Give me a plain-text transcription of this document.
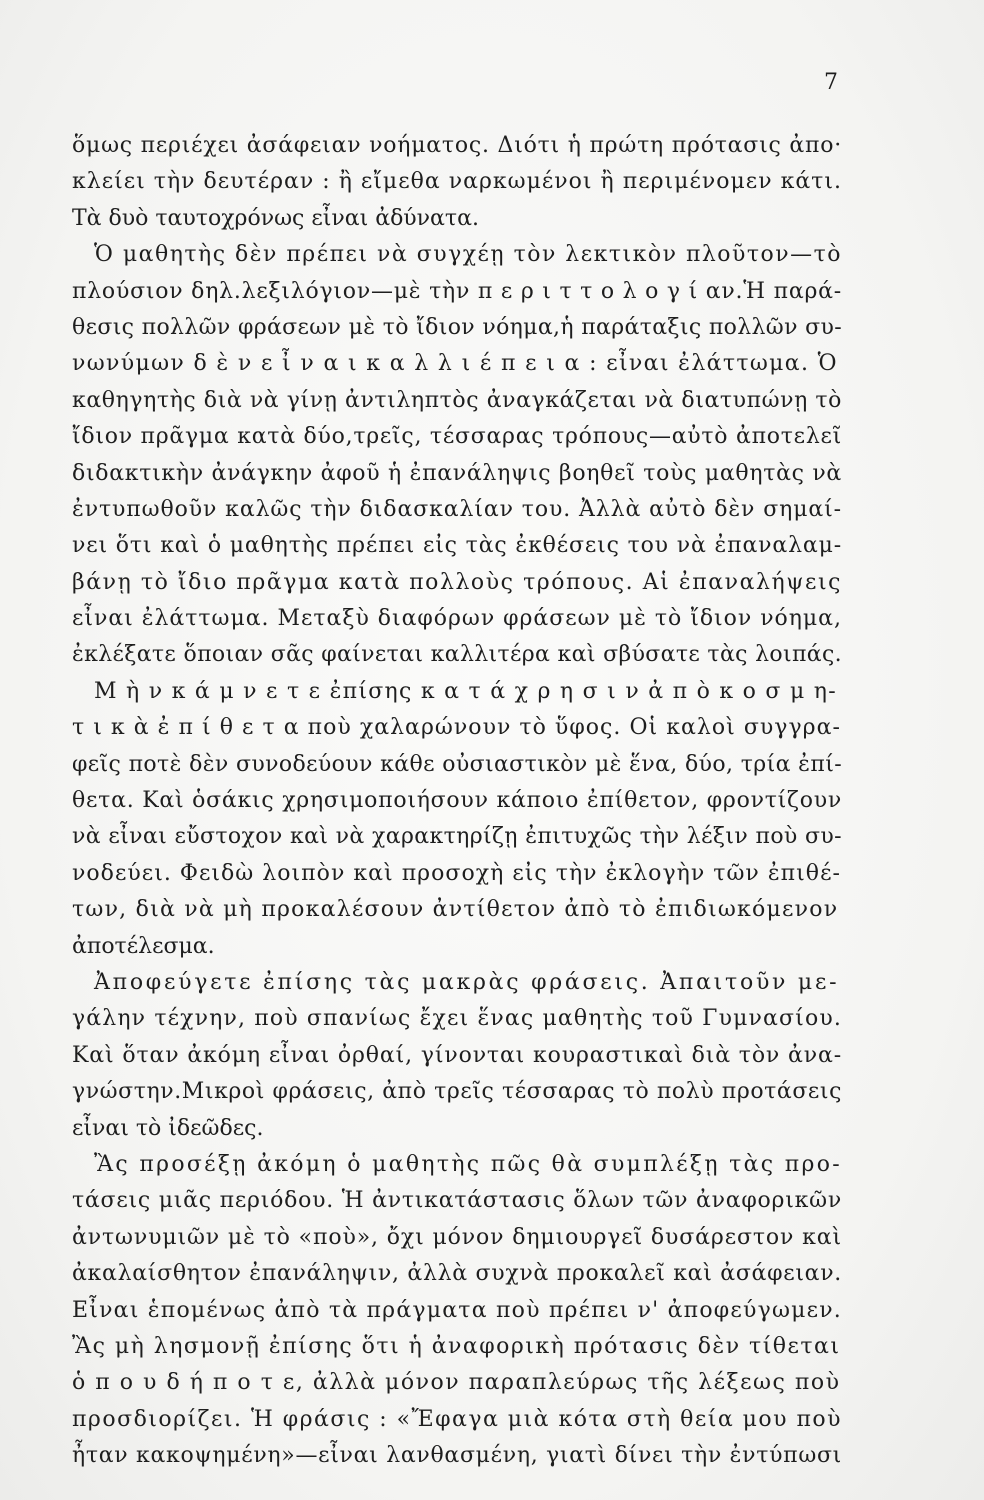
7
ὅμως περιέχει ἀσάφειαν νοήματος. Διότι ἡ πρώτη πρότασις ἀπο·
κλείει τὴν δευτέραν : ἢ εἴμεθα ναρκωμένοι ἢ περιμένομεν κάτι.
Τὰ δυὸ ταυτοχρόνως εἶναι ἀδύνατα.
Ὁ μαθητὴς δὲν πρέπει νὰ συγχέῃ τὸν λεκτικὸν πλοῦτον—τὸ
πλούσιον δηλ.λεξιλόγιον—μὲ τὴν π ε ρ ι τ τ ο λ ο γ ί αν.Ἡ παρά-
θεσις πολλῶν φράσεων μὲ τὸ ἴδιον νόημα,ἡ παράταξις πολλῶν συ-
νωνύμων δ ὲ ν ε ἶ ν α ι κ α λ λ ι έ π ε ι α : εἶναι ἐλάττωμα. Ὁ
καθηγητὴς διὰ νὰ γίνῃ ἀντιληπτὸς ἀναγκάζεται νὰ διατυπώνῃ τὸ
ἴδιον πρᾶγμα κατὰ δύο,τρεῖς, τέσσαρας τρόπους—αὐτὸ ἀποτελεῖ
διδακτικὴν ἀνάγκην ἀφοῦ ἡ ἐπανάληψις βοηθεῖ τοὺς μαθητὰς νὰ
ἐντυπωθοῦν καλῶς τὴν διδασκαλίαν του. Ἀλλὰ αὐτὸ δὲν σημαί-
νει ὅτι καὶ ὁ μαθητὴς πρέπει εἰς τὰς ἐκθέσεις του νὰ ἐπαναλαμ-
βάνῃ τὸ ἴδιο πρᾶγμα κατὰ πολλοὺς τρόπους. Αἱ ἐπαναλήψεις
εἶναι ἐλάττωμα. Μεταξὺ διαφόρων φράσεων μὲ τὸ ἴδιον νόημα,
ἐκλέξατε ὅποιαν σᾶς φαίνεται καλλιτέρα καὶ σβύσατε τὰς λοιπάς.
Μ ὴ ν κ ά μ ν ε τ ε ἐπίσης κ α τ ά χ ρ η σ ι ν ἀ π ὸ κ ο σ μ η-
τ ι κ ὰ ἐ π ί θ ε τ α ποὺ χαλαρώνουν τὸ ὕφος. Οἱ καλοὶ συγγρα-
φεῖς ποτὲ δὲν συνοδεύουν κάθε οὐσιαστικὸν μὲ ἕνα, δύο, τρία ἐπί-
θετα. Καὶ ὁσάκις χρησιμοποιήσουν κάποιο ἐπίθετον, φροντίζουν
νὰ εἶναι εὔστοχον καὶ νὰ χαρακτηρίζῃ ἐπιτυχῶς τὴν λέξιν ποὺ συ-
νοδεύει. Φειδὼ λοιπὸν καὶ προσοχὴ εἰς τὴν ἐκλογὴν τῶν ἐπιθέ-
των, διὰ νὰ μὴ προκαλέσουν ἀντίθετον ἀπὸ τὸ ἐπιδιωκόμενον
ἀποτέλεσμα.
Ἀποφεύγετε ἐπίσης τὰς μακρὰς φράσεις. Ἀπαιτοῦν με-
γάλην τέχνην, ποὺ σπανίως ἔχει ἕνας μαθητὴς τοῦ Γυμνασίου.
Καὶ ὅταν ἀκόμη εἶναι ὀρθαί, γίνονται κουραστικαὶ διὰ τὸν ἀνα-
γνώστην.Μικροὶ φράσεις, ἀπὸ τρεῖς τέσσαρας τὸ πολὺ προτάσεις
εἶναι τὸ ἰδεῶδες.
Ἂς προσέξῃ ἀκόμη ὁ μαθητὴς πῶς θὰ συμπλέξῃ τὰς προ-
τάσεις μιᾶς περιόδου. Ἡ ἀντικατάστασις ὅλων τῶν ἀναφορικῶν
ἀντωνυμιῶν μὲ τὸ «ποὺ», ὄχι μόνον δημιουργεῖ δυσάρεστον καὶ
ἀκαλαίσθητον ἐπανάληψιν, ἀλλὰ συχνὰ προκαλεῖ καὶ ἀσάφειαν.
Εἶναι ἑπομένως ἀπὸ τὰ πράγματα ποὺ πρέπει ν' ἀποφεύγωμεν.
Ἂς μὴ λησμονῇ ἐπίσης ὅτι ἡ ἀναφορικὴ πρότασις δὲν τίθεται
ὁ π ο υ δ ή π ο τ ε, ἀλλὰ μόνον παραπλεύρως τῆς λέξεως ποὺ
προσδιορίζει. Ἡ φράσις : «Ἔφαγα μιὰ κότα στὴ θεία μου ποὺ
ἦταν κακοψημένη»—εἶναι λανθασμένη, γιατὶ δίνει τὴν ἐντύπωσι
